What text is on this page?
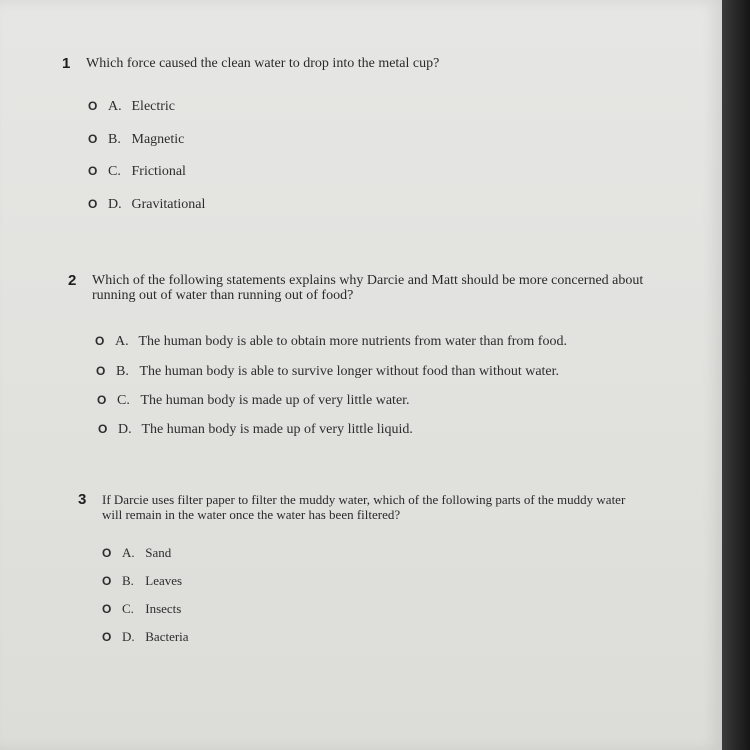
1 Which force caused the clean water to drop into the metal cup?
O A. Electric
O B. Magnetic
O C. Frictional
O D. Gravitational
2 Which of the following statements explains why Darcie and Matt should be more concerned about running out of water than running out of food?
O A. The human body is able to obtain more nutrients from water than from food.
O B. The human body is able to survive longer without food than without water.
O C. The human body is made up of very little water.
O D. The human body is made up of very little liquid.
3 If Darcie uses filter paper to filter the muddy water, which of the following parts of the muddy water will remain in the water once the water has been filtered?
O A. Sand
O B. Leaves
O C. Insects
O D. Bacteria
